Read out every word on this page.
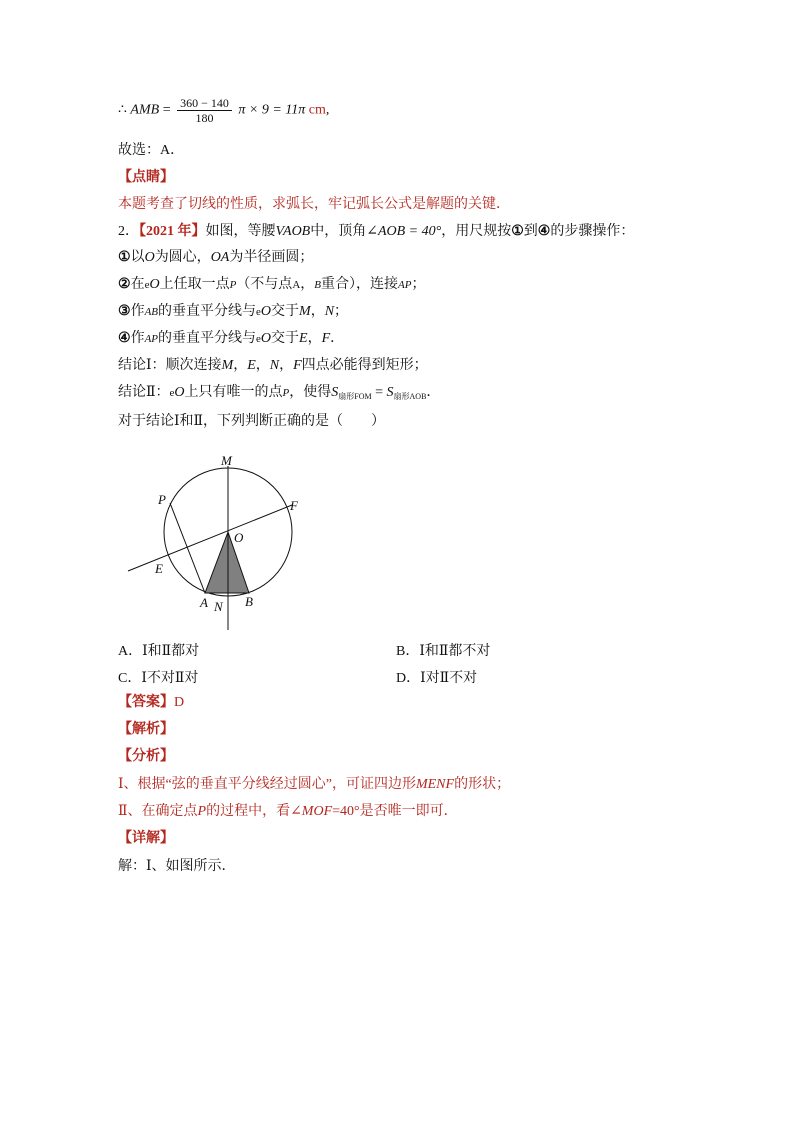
∴ AMB = $\frac{360 - 140}{180}$ π × 9 = 11π cm,
故选：A．
【点睛】
本题考查了切线的性质，求弧长，牢记弧长公式是解题的关键．
2．【2021 年】如图，等腰VAOB中，顶角∠AOB = 40°，用尺规按①到④的步骤操作：
①以O为圆心，OA为半径画圆；
②在eO上任取一点P（不与点A，B重合），连接AP；
③作AB的垂直平分线与eO交于M，N；
④作AP的垂直平分线与eO交于E，F．
结论Ⅰ：顺次连接M，E，N，F四点必能得到矩形；
结论Ⅱ：eO上只有唯一的点P，使得$S_{扇形FOM} = S_{扇形AOB}$．
对于结论Ⅰ和Ⅱ，下列判断正确的是（　　）
M
P	F
O
E
A N B
A．Ⅰ和Ⅱ都对	B．Ⅰ和Ⅱ都不对
C．Ⅰ不对Ⅱ对	D．Ⅰ对Ⅱ不对
【答案】D
【解析】
【分析】
Ⅰ、根据“弦的垂直平分线经过圆心”，可证四边形MENF的形状；
Ⅱ、在确定点P的过程中，看∠MOF=40°是否唯一即可．
【详解】
解：Ⅰ、如图所示．
